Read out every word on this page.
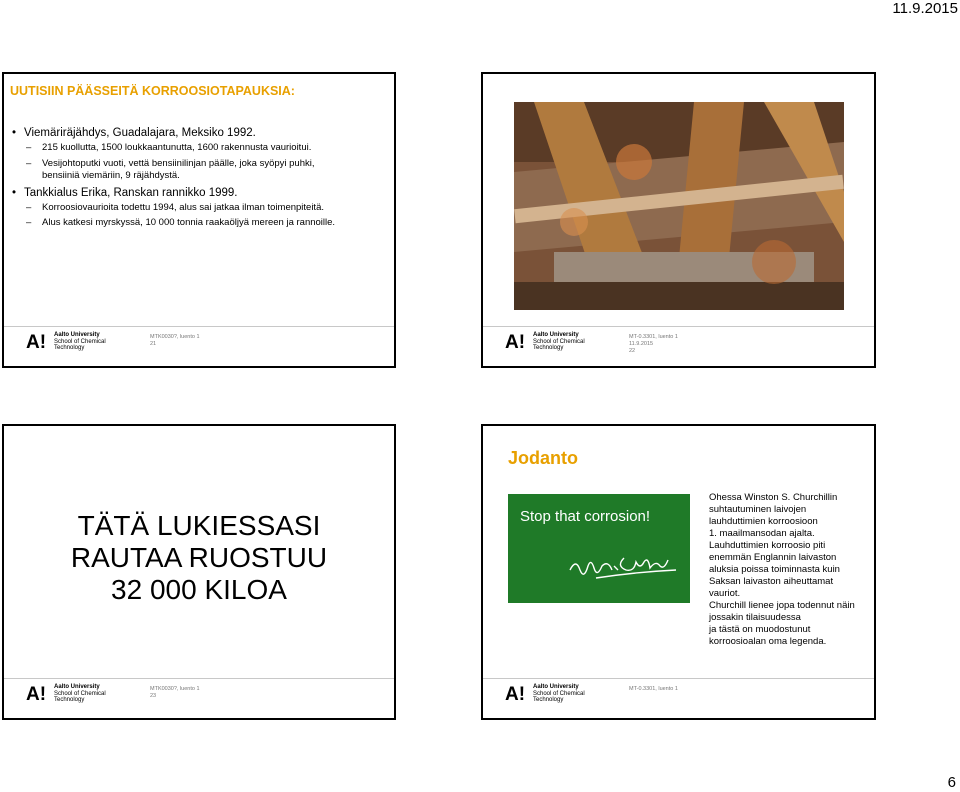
11.9.2015
UUTISIIN PÄÄSSEITÄ KORROOSIOTAPAUKSIA:
• Viemäriräjähdys, Guadalajara, Meksiko 1992.
– 215 kuollutta, 1500 loukkaantunutta, 1600 rakennusta vaurioitui.
– Vesijohtoputki vuoti, vettä bensiinilinjan päälle, joka syöpyi puhki, bensiiniä viemäriin, 9 räjähdystä.
• Tankkialus Erika, Ranskan rannikko 1999.
– Korroosiovaurioita todettu 1994, alus sai jatkaa ilman toimenpiteitä.
– Alus katkesi myrskyssä, 10 000 tonnia raakaöljyä mereen ja rannoille.
A! Aalto University
School of Chemical
Technology
MTK0030?, luento 1
21	A! Aalto University
School of Chemical
Technology
MT-0.3301, luento 1
11.9.2015
22
TÄTÄ LUKIESSASI
RAUTAA RUOSTUU
32 000 KILOA
A! Aalto University
School of Chemical
Technology
MTK0030?, luento 1
23
Jodanto
Stop that corrosion!
Ohessa Winston S. Churchillin
suhtautuminen laivojen
lauhduttimien korroosioon
1. maailmansodan ajalta.
Lauhduttimien korroosio piti
enemmän Englannin laivaston
aluksia poissa toiminnasta kuin
Saksan laivaston aiheuttamat
vauriot.
Churchill lienee jopa todennut näin
jossakin tilaisuudessa
ja tästä on muodostunut
korroosioalan oma legenda.
A! Aalto University
School of Chemical
Technology
MT-0.3301, luento 1
6
